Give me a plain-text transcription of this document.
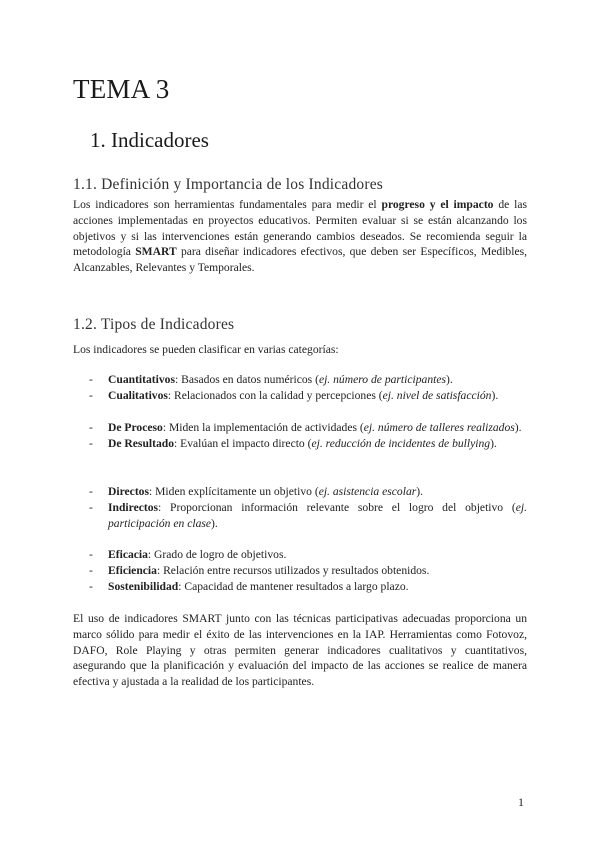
TEMA 3
1. Indicadores
1.1. Definición y Importancia de los Indicadores

Los indicadores son herramientas fundamentales para medir el progreso y el impacto de las acciones implementadas en proyectos educativos. Permiten evaluar si se están alcanzando los objetivos y si las intervenciones están generando cambios deseados. Se recomienda seguir la metodología SMART para diseñar indicadores efectivos, que deben ser Específicos, Medibles, Alcanzables, Relevantes y Temporales.

1.2. Tipos de Indicadores

Los indicadores se pueden clasificar en varias categorías:

- Cuantitativos: Basados en datos numéricos (ej. número de participantes).
- Cualitativos: Relacionados con la calidad y percepciones (ej. nivel de satisfacción).
- De Proceso: Miden la implementación de actividades (ej. número de talleres realizados).
- De Resultado: Evalúan el impacto directo (ej. reducción de incidentes de bullying).
- Directos: Miden explícitamente un objetivo (ej. asistencia escolar).
- Indirectos: Proporcionan información relevante sobre el logro del objetivo (ej. participación en clase).
- Eficacia: Grado de logro de objetivos.
- Eficiencia: Relación entre recursos utilizados y resultados obtenidos.
- Sostenibilidad: Capacidad de mantener resultados a largo plazo.

El uso de indicadores SMART junto con las técnicas participativas adecuadas proporciona un marco sólido para medir el éxito de las intervenciones en la IAP. Herramientas como Fotovoz, DAFO, Role Playing y otras permiten generar indicadores cualitativos y cuantitativos, asegurando que la planificación y evaluación del impacto de las acciones se realice de manera efectiva y ajustada a la realidad de los participantes.

1
